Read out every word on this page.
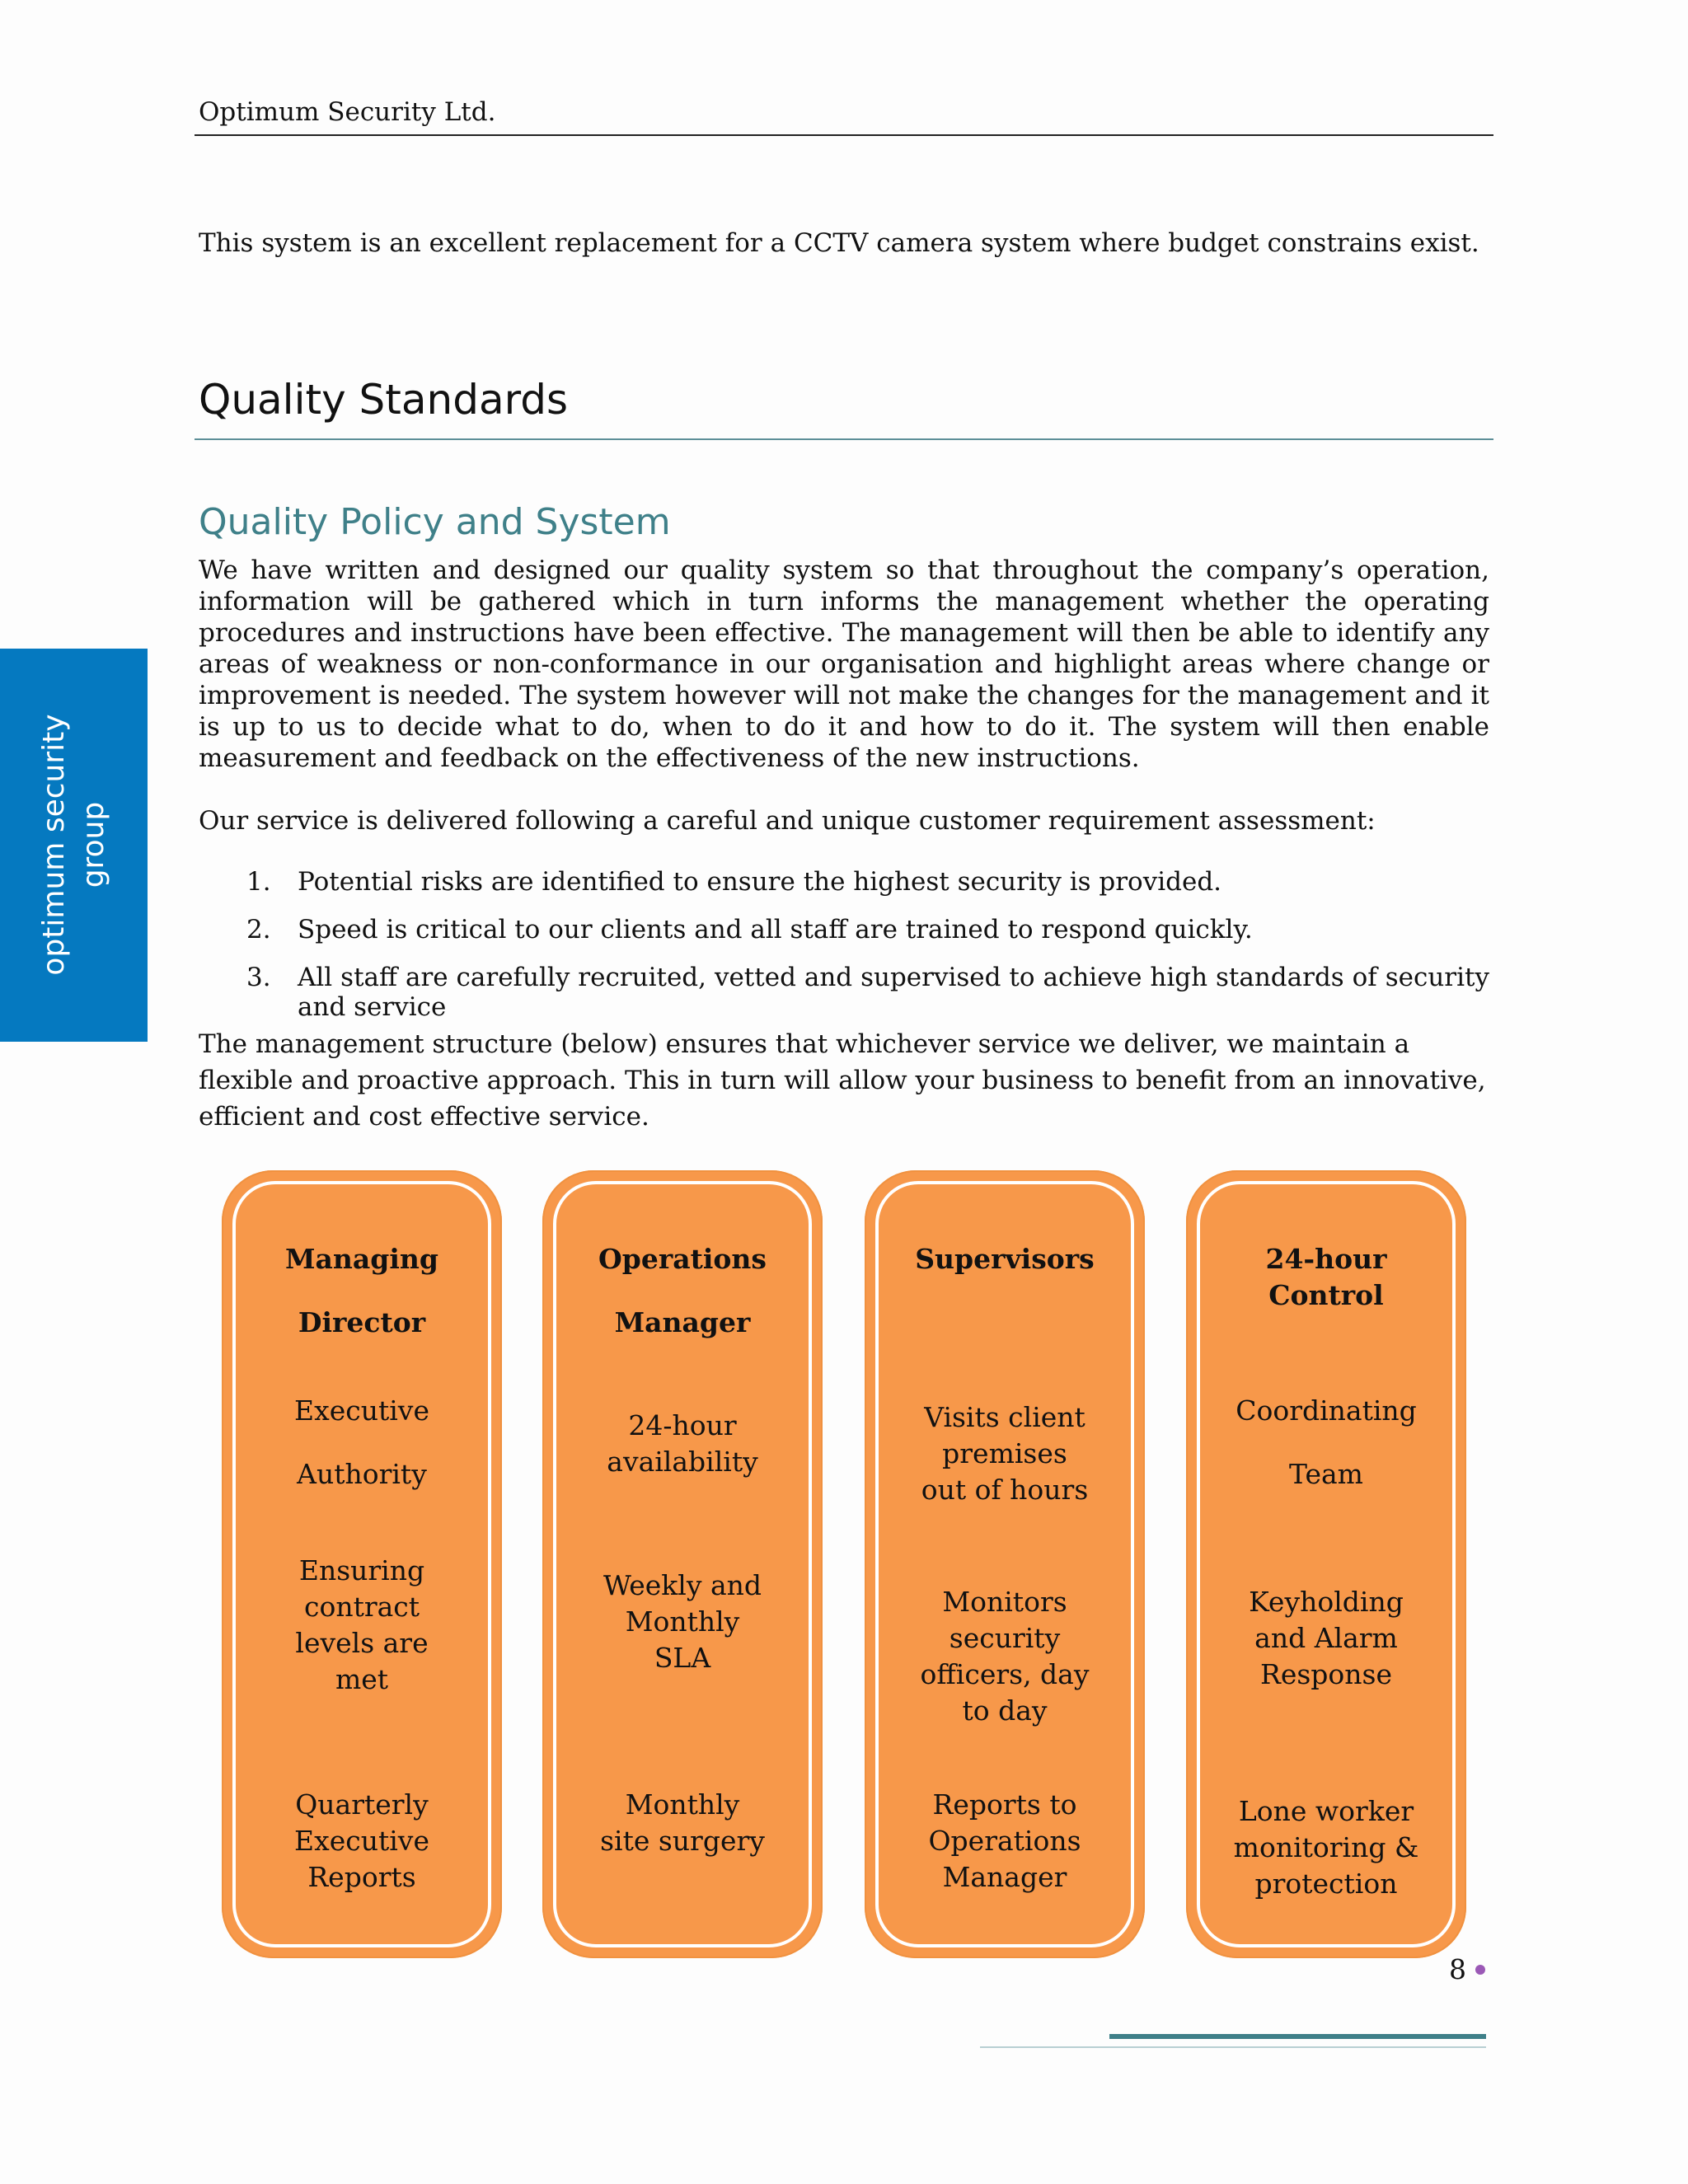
Optimum Security Ltd.
This system is an excellent replacement for a CCTV camera system where budget constrains exist.
Quality Standards
Quality Policy and System
We have written and designed our quality system so that throughout the company’s operation, information will be gathered which in turn informs the management whether the operating procedures and instructions have been effective. The management will then be able to identify any areas of weakness or non-conformance in our organisation and highlight areas where change or improvement is needed. The system however will not make the changes for the management and it is up to us to decide what to do, when to do it and how to do it. The system will then enable measurement and feedback on the effectiveness of the new instructions.
Our service is delivered following a careful and unique customer requirement assessment:
1. Potential risks are identified to ensure the highest security is provided.
2. Speed is critical to our clients and all staff are trained to respond quickly.
3. All staff are carefully recruited, vetted and supervised to achieve high standards of security and service
The management structure (below) ensures that whichever service we deliver, we maintain a flexible and proactive approach. This in turn will allow your business to benefit from an innovative, efficient and cost effective service.
optimum security group
Managing
Director
Executive
Authority
Ensuring
contract
levels are
met
Quarterly
Executive
Reports
Operations
Manager
24-hour
availability
Weekly and
Monthly
SLA
Monthly
site surgery
Supervisors
Visits client
premises
out of hours
Monitors
security
officers, day
to day
Reports to
Operations
Manager
24-hour
Control
Coordinating
Team
Keyholding
and Alarm
Response
Lone worker
monitoring &
protection
8
